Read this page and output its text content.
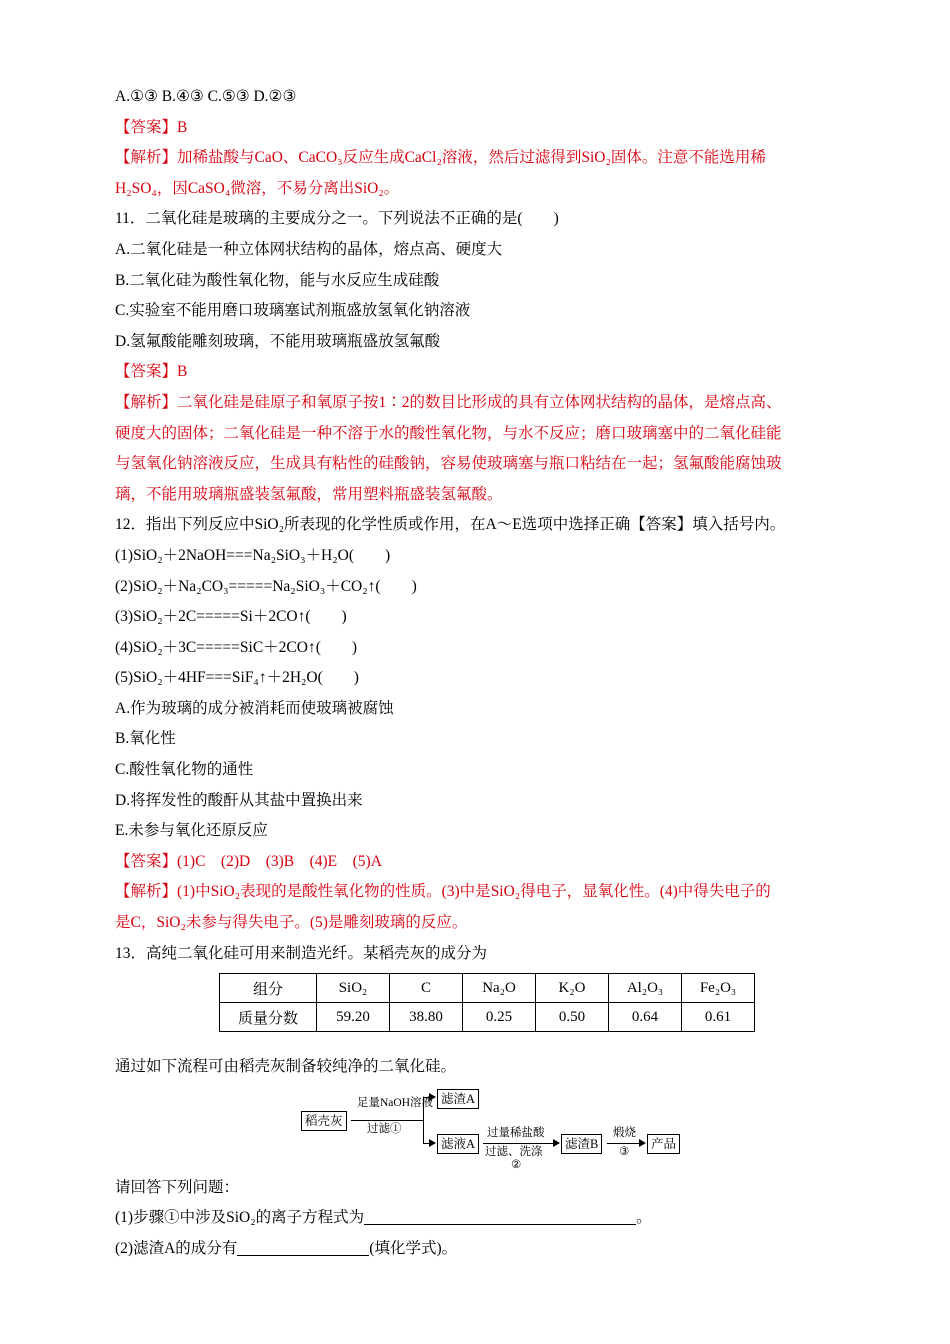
A.①③ B.④③ C.⑤③ D.②③
【答案】B
【解析】加稀盐酸与CaO、CaCO₃反应生成CaCl₂溶液，然后过滤得到SiO₂固体。注意不能选用稀
H₂SO₄，因CaSO₄微溶，不易分离出SiO₂。
11．二氧化硅是玻璃的主要成分之一。下列说法不正确的是(　　)
A.二氧化硅是一种立体网状结构的晶体，熔点高、硬度大
B.二氧化硅为酸性氧化物，能与水反应生成硅酸
C.实验室不能用磨口玻璃塞试剂瓶盛放氢氧化钠溶液
D.氢氟酸能雕刻玻璃，不能用玻璃瓶盛放氢氟酸
【答案】B
【解析】二氧化硅是硅原子和氧原子按1∶2的数目比形成的具有立体网状结构的晶体，是熔点高、
硬度大的固体；二氧化硅是一种不溶于水的酸性氧化物，与水不反应；磨口玻璃塞中的二氧化硅能
与氢氧化钠溶液反应，生成具有粘性的硅酸钠，容易使玻璃塞与瓶口粘结在一起；氢氟酸能腐蚀玻
璃，不能用玻璃瓶盛装氢氟酸，常用塑料瓶盛装氢氟酸。
12．指出下列反应中SiO₂所表现的化学性质或作用，在A～E选项中选择正确【答案】填入括号内。
(1)SiO₂＋2NaOH===Na₂SiO₃＋H₂O(　　)
(2)SiO₂＋Na₂CO₃=====Na₂SiO₃＋CO₂↑(　　)
(3)SiO₂＋2C=====Si＋2CO↑(　　)
(4)SiO₂＋3C=====SiC＋2CO↑(　　)
(5)SiO₂＋4HF===SiF₄↑＋2H₂O(　　)
A.作为玻璃的成分被消耗而使玻璃被腐蚀
B.氧化性
C.酸性氧化物的通性
D.将挥发性的酸酐从其盐中置换出来
E.未参与氧化还原反应
【答案】(1)C　(2)D　(3)B　(4)E　(5)A
【解析】(1)中SiO₂表现的是酸性氧化物的性质。(3)中是SiO₂得电子，显氧化性。(4)中得失电子的
是C，SiO₂未参与得失电子。(5)是雕刻玻璃的反应。
13．高纯二氧化硅可用来制造光纤。某稻壳灰的成分为
组分	SiO₂	C	Na₂O	K₂O	Al₂O₃	Fe₂O₃
质量分数	59.20	38.80	0.25	0.50	0.64	0.61
通过如下流程可由稻壳灰制备较纯净的二氧化硅。
稻壳灰
足量NaOH溶液
过滤①
滤渣A
滤液A
过量稀盐酸
过滤、洗涤
②
滤渣B
煅烧
③
产品
请回答下列问题：
(1)步骤①中涉及SiO₂的离子方程式为	。
(2)滤渣A的成分有	(填化学式)。
